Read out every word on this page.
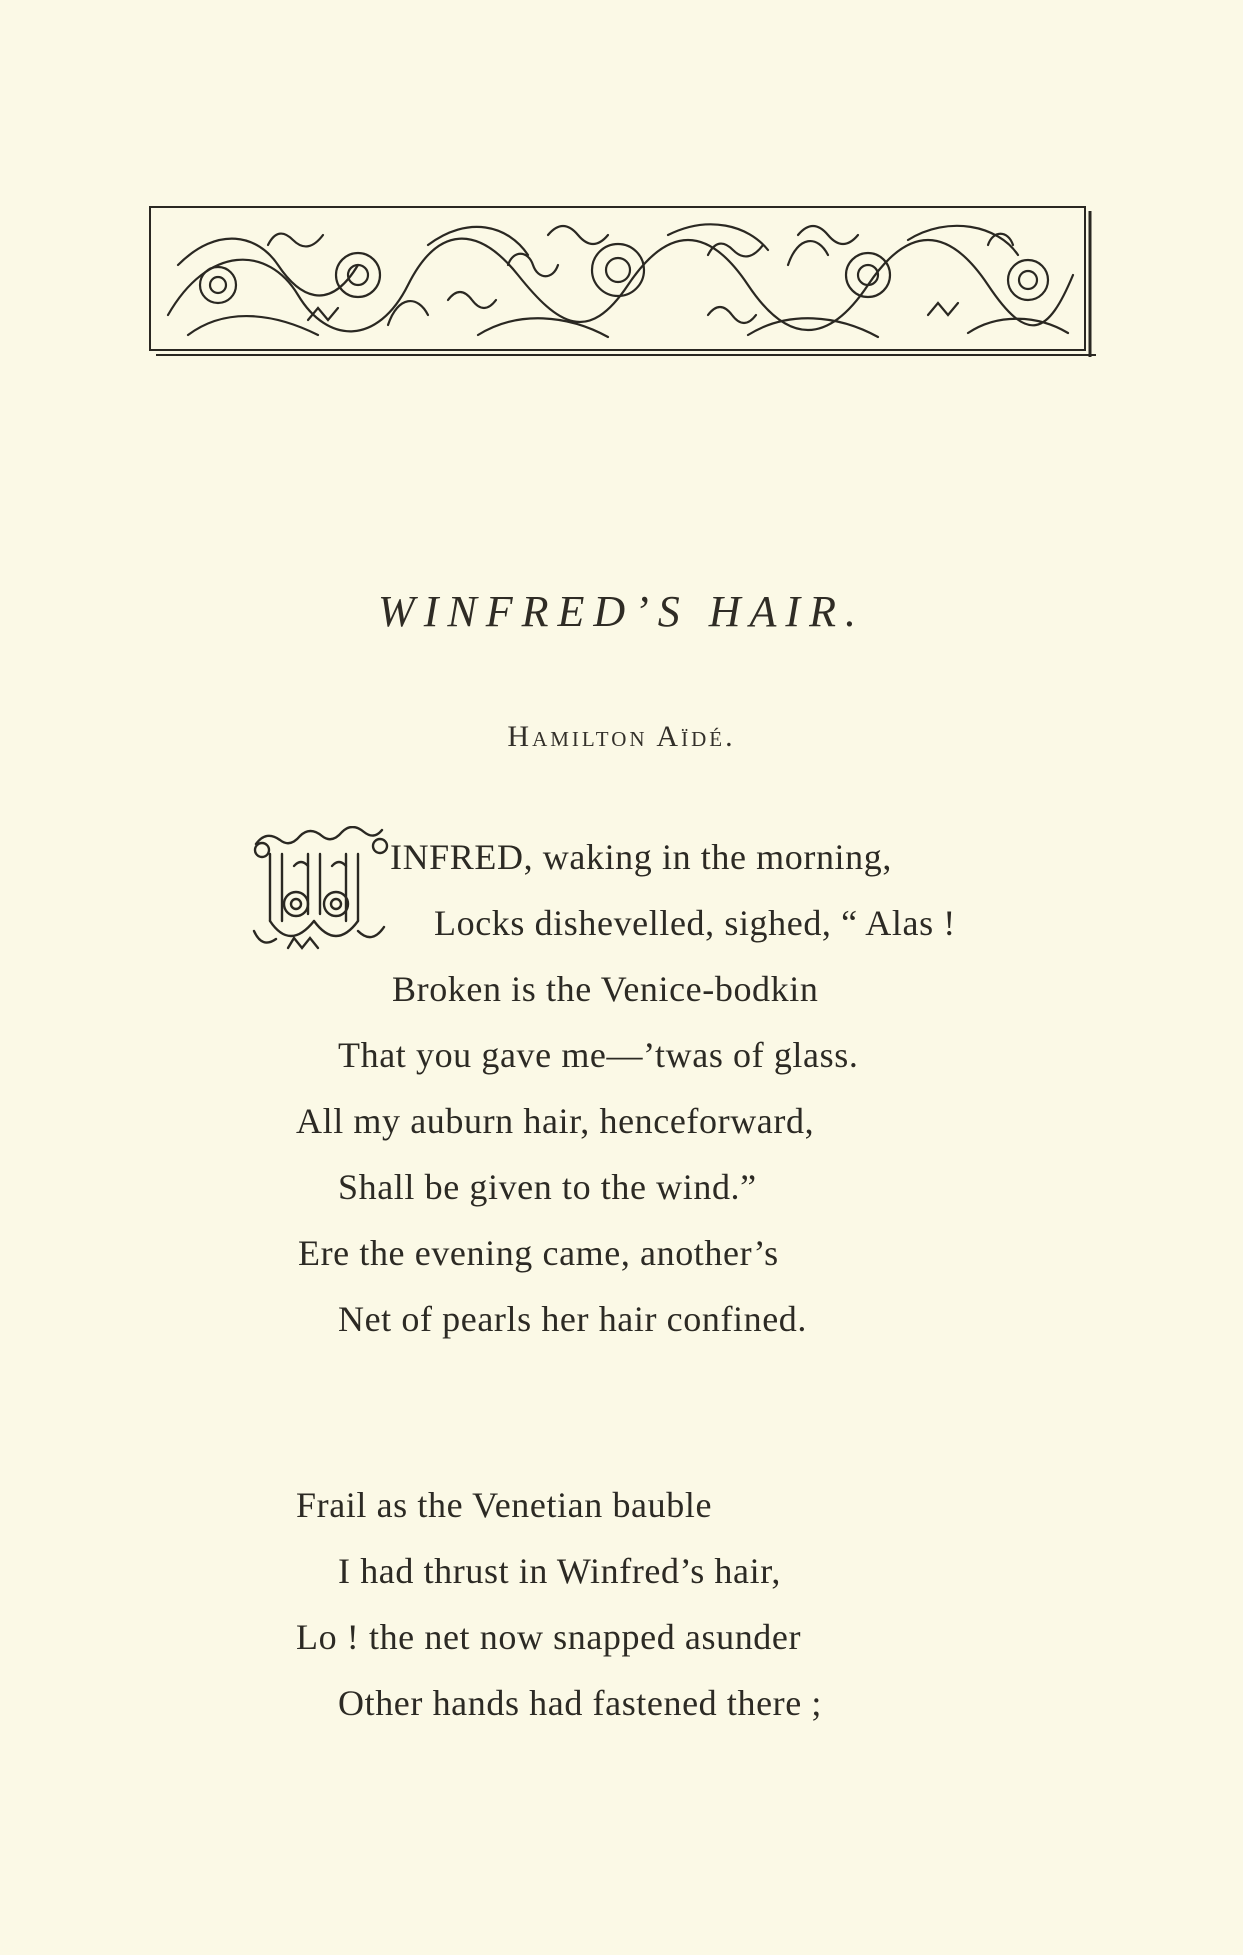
WINFRED’S HAIR.
Hamilton Aïdé.
INFRED, waking in the morning,
Locks dishevelled, sighed, “ Alas !
Broken is the Venice-bodkin
That you gave me—’twas of glass.
All my auburn hair, henceforward,
Shall be given to the wind.”
Ere the evening came, another’s
Net of pearls her hair confined.
Frail as the Venetian bauble
I had thrust in Winfred’s hair,
Lo ! the net now snapped asunder
Other hands had fastened there ;
